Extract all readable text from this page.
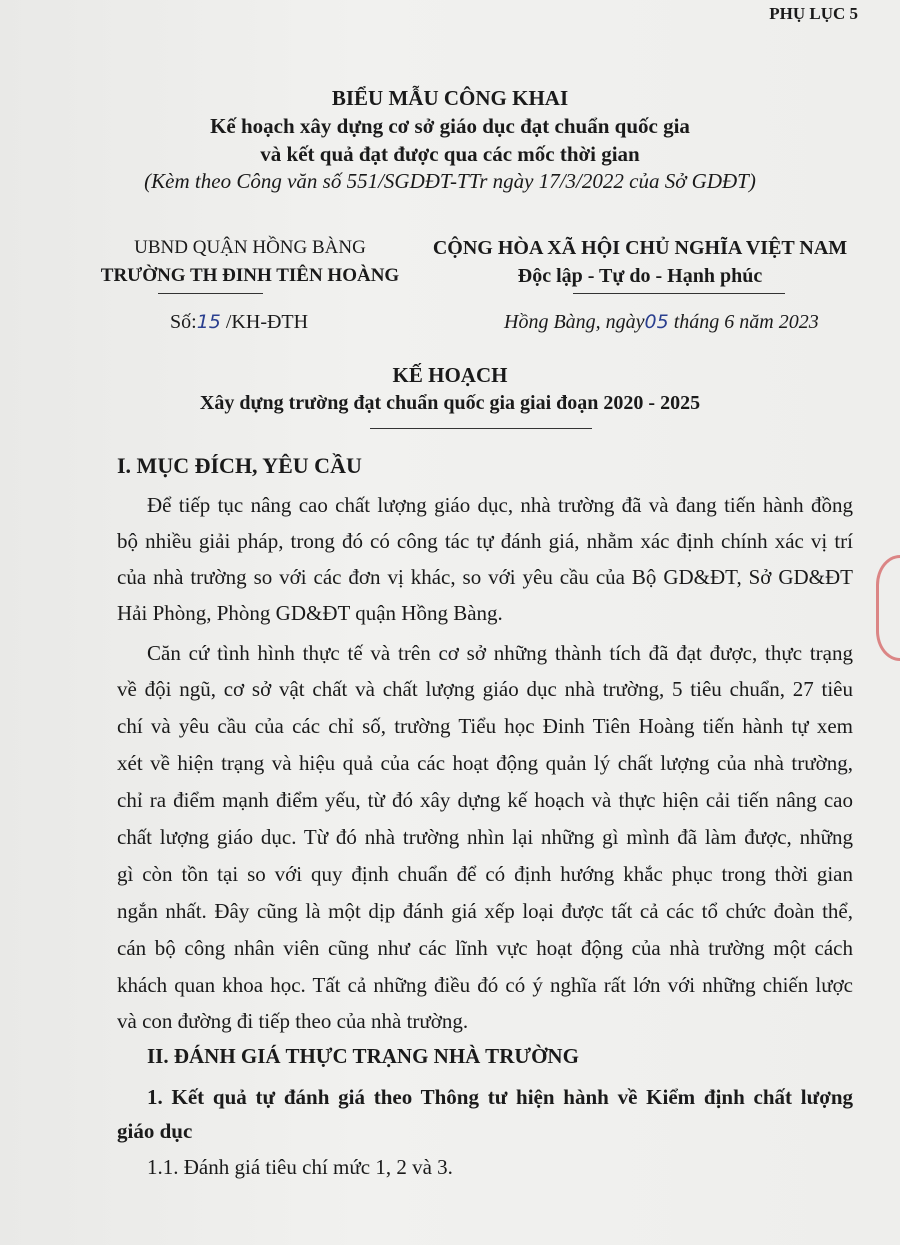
PHỤ LỤC 5
BIỂU MẪU CÔNG KHAI
Kế hoạch xây dựng cơ sở giáo dục đạt chuẩn quốc gia
và kết quả đạt được qua các mốc thời gian
(Kèm theo Công văn số 551/SGDĐT-TTr ngày 17/3/2022 của Sở GDĐT)
UBND QUẬN HỒNG BÀNG
TRƯỜNG TH ĐINH TIÊN HOÀNG
CỘNG HÒA XÃ HỘI CHỦ NGHĨA VIỆT NAM
Độc lập - Tự do - Hạnh phúc
Số:15 /KH-ĐTH	Hồng Bàng, ngày05 tháng 6 năm 2023
KẾ HOẠCH
Xây dựng trường đạt chuẩn quốc gia giai đoạn 2020 - 2025
I. MỤC ĐÍCH, YÊU CẦU
Để tiếp tục nâng cao chất lượng giáo dục, nhà trường đã và đang tiến hành đồng
bộ nhiều giải pháp, trong đó có công tác tự đánh giá, nhằm xác định chính xác vị trí
của nhà trường so với các đơn vị khác, so với yêu cầu của Bộ GD&ĐT, Sở GD&ĐT
Hải Phòng, Phòng GD&ĐT quận Hồng Bàng.
Căn cứ tình hình thực tế và trên cơ sở những thành tích đã đạt được, thực trạng
về đội ngũ, cơ sở vật chất và chất lượng giáo dục nhà trường, 5 tiêu chuẩn, 27 tiêu
chí và yêu cầu của các chỉ số, trường Tiểu học Đinh Tiên Hoàng tiến hành tự xem
xét về hiện trạng và hiệu quả của các hoạt động quản lý chất lượng của nhà trường,
chỉ ra điểm mạnh điểm yếu, từ đó xây dựng kế hoạch và thực hiện cải tiến nâng cao
chất lượng giáo dục. Từ đó nhà trường nhìn lại những gì mình đã làm được, những
gì còn tồn tại so với quy định chuẩn để có định hướng khắc phục trong thời gian
ngắn nhất. Đây cũng là một dịp đánh giá xếp loại được tất cả các tổ chức đoàn thể,
cán bộ công nhân viên cũng như các lĩnh vực hoạt động của nhà trường một cách
khách quan khoa học. Tất cả những điều đó có ý nghĩa rất lớn với những chiến lược
và con đường đi tiếp theo của nhà trường.
II. ĐÁNH GIÁ THỰC TRẠNG NHÀ TRƯỜNG
1. Kết quả tự đánh giá theo Thông tư hiện hành về Kiểm định chất lượng
giáo dục
1.1. Đánh giá tiêu chí mức 1, 2 và 3.
